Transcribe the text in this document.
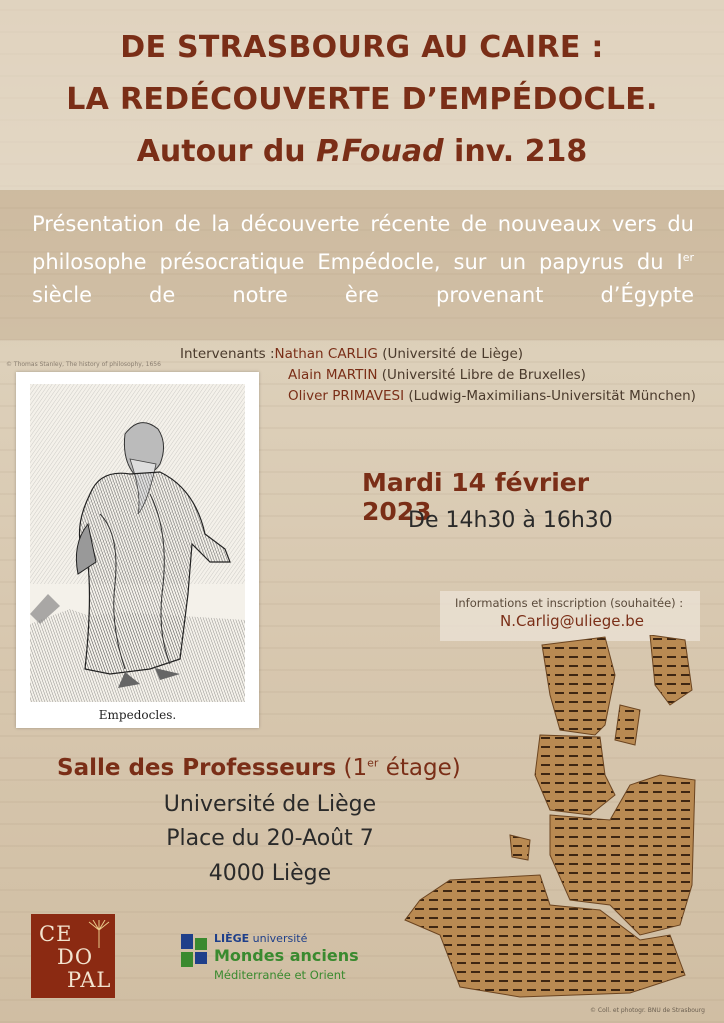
DE STRASBOURG AU CAIRE :
LA REDÉCOUVERTE D’EMPÉDOCLE.
Autour du P.Fouad inv. 218
Présentation de la découverte récente de nouveaux vers du philosophe présocratique Empédocle, sur un papyrus du Ier siècle de notre ère provenant d’Égypte
© Thomas Stanley, The history of philosophy, 1656
Empedocles.
Intervenants :Nathan CARLIG (Université de Liège)
Alain MARTIN (Université Libre de Bruxelles)
Oliver PRIMAVESI (Ludwig-Maximilians-Universität München)
Mardi 14 février 2023
De 14h30 à 16h30
Informations et inscription (souhaitée) :
N.Carlig@uliege.be
© Coll. et photogr. BNU de Strasbourg
Salle des Professeurs (1er étage)
Université de Liège
Place du 20-Août 7
4000 Liège
CE
DO
PAL
LIÈGE université
Mondes anciens
Méditerranée et Orient
